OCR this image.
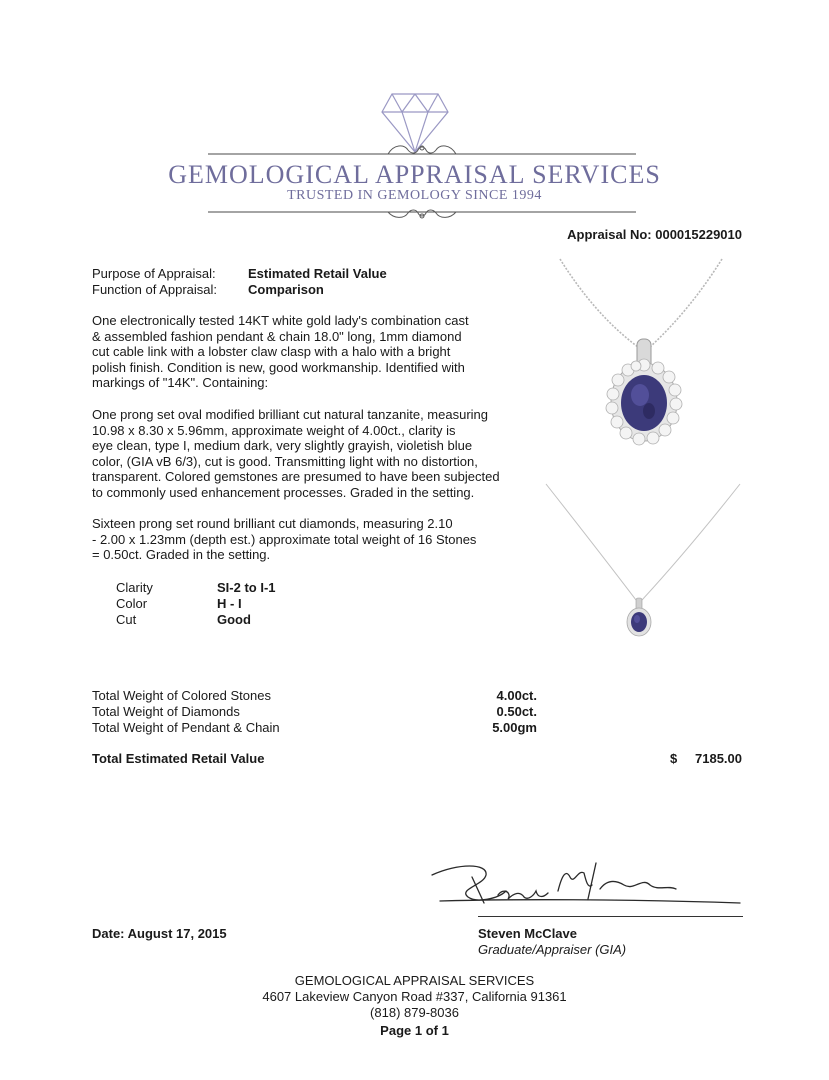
GEMOLOGICAL APPRAISAL SERVICES
TRUSTED IN GEMOLOGY SINCE 1994
Appraisal No: 000015229010
Purpose of Appraisal: Estimated Retail Value
Function of Appraisal: Comparison
One electronically tested 14KT white gold lady's combination cast
& assembled fashion pendant & chain 18.0" long, 1mm diamond
cut cable link with a lobster claw clasp with a halo with a bright
polish finish. Condition is new, good workmanship. Identified with
markings of "14K". Containing:
One prong set oval modified brilliant cut natural tanzanite, measuring
10.98 x 8.30 x 5.96mm, approximate weight of 4.00ct., clarity is
eye clean, type I, medium dark, very slightly grayish, violetish blue
color, (GIA vB 6/3), cut is good. Transmitting light with no distortion,
transparent. Colored gemstones are presumed to have been subjected
to commonly used enhancement processes. Graded in the setting.
Sixteen prong set round brilliant cut diamonds, measuring 2.10
- 2.00 x 1.23mm (depth est.) approximate total weight of 16 Stones
= 0.50ct. Graded in the setting.
Clarity	SI-2 to I-1
Color	H - I
Cut	Good
Total Weight of Colored Stones	4.00ct.
Total Weight of Diamonds	0.50ct.
Total Weight of Pendant & Chain	5.00gm
Total Estimated Retail Value	$	7185.00
Date: August 17, 2015	Steven McClave
Graduate/Appraiser (GIA)
GEMOLOGICAL APPRAISAL SERVICES
4607 Lakeview Canyon Road #337, California 91361
(818) 879-8036
Page 1 of 1
